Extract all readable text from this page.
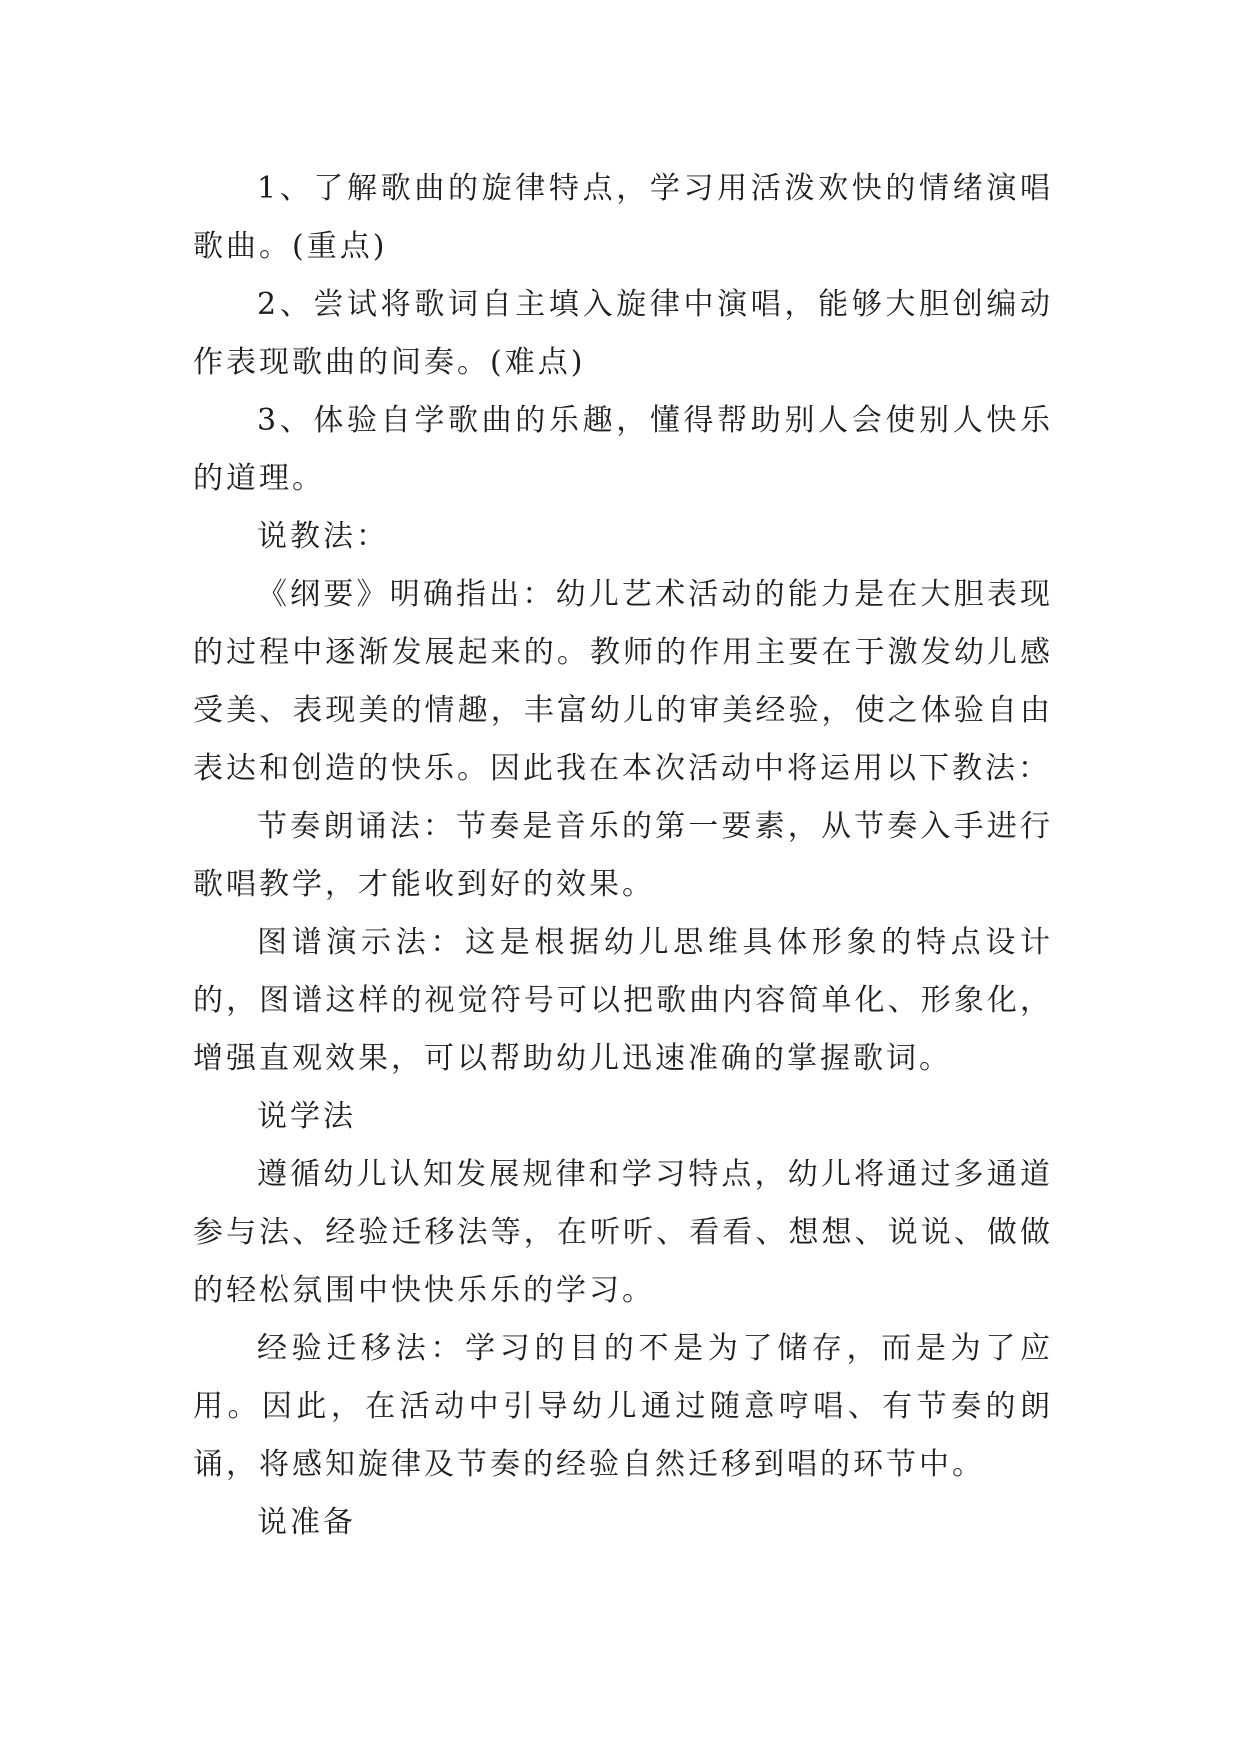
1、了解歌曲的旋律特点，学习用活泼欢快的情绪演唱歌曲。(重点)

2、尝试将歌词自主填入旋律中演唱，能够大胆创编动作表现歌曲的间奏。(难点)

3、体验自学歌曲的乐趣，懂得帮助别人会使别人快乐的道理。

说教法：

《纲要》明确指出：幼儿艺术活动的能力是在大胆表现的过程中逐渐发展起来的。教师的作用主要在于激发幼儿感受美、表现美的情趣，丰富幼儿的审美经验，使之体验自由表达和创造的快乐。因此我在本次活动中将运用以下教法：

节奏朗诵法：节奏是音乐的第一要素，从节奏入手进行歌唱教学，才能收到好的效果。

图谱演示法：这是根据幼儿思维具体形象的特点设计的，图谱这样的视觉符号可以把歌曲内容简单化、形象化，增强直观效果，可以帮助幼儿迅速准确的掌握歌词。

说学法

遵循幼儿认知发展规律和学习特点，幼儿将通过多通道参与法、经验迁移法等，在听听、看看、想想、说说、做做的轻松氛围中快快乐乐的学习。

经验迁移法：学习的目的不是为了储存，而是为了应用。因此，在活动中引导幼儿通过随意哼唱、有节奏的朗诵，将感知旋律及节奏的经验自然迁移到唱的环节中。

说准备
